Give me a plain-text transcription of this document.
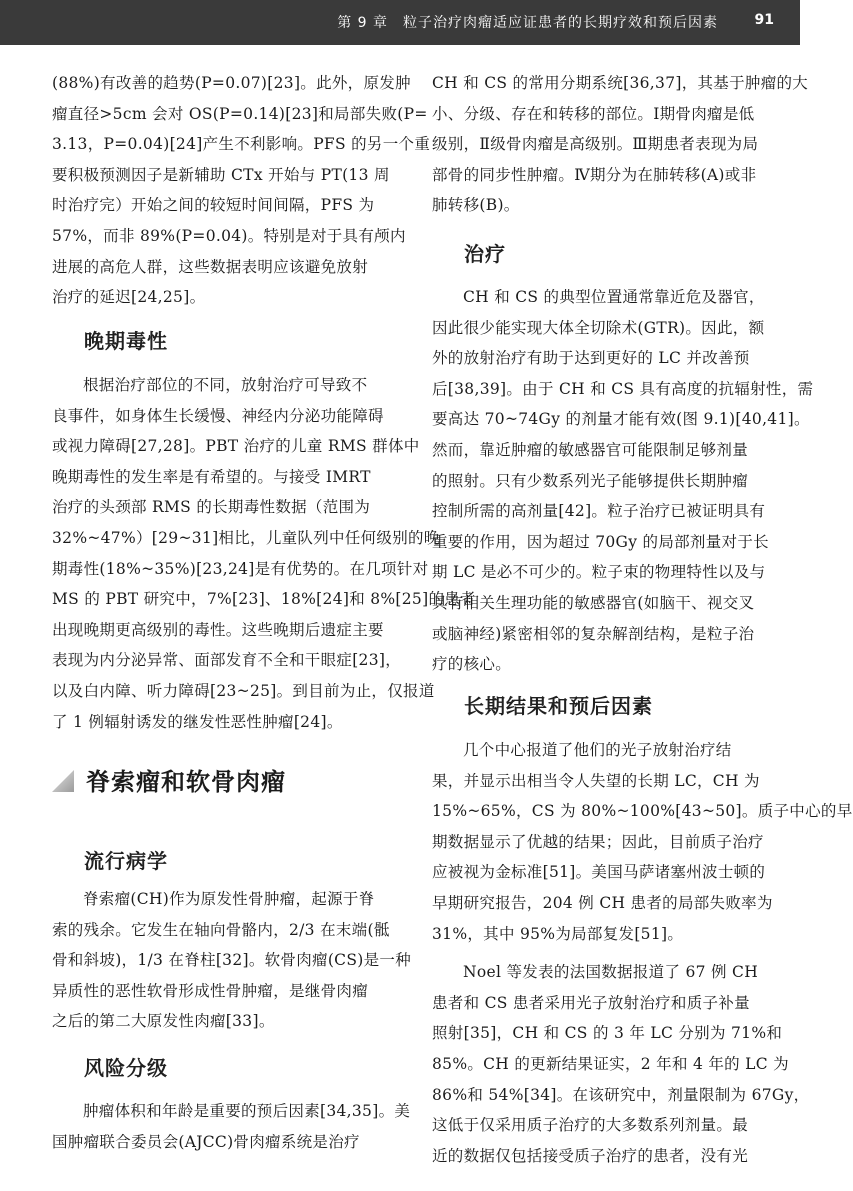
第 9 章　粒子治疗肉瘤适应证患者的长期疗效和预后因素	91
(88%)有改善的趋势(P=0.07)[23]。此外，原发肿
瘤直径>5cm 会对 OS(P=0.14)[23]和局部失败(P=
3.13，P=0.04)[24]产生不利影响。PFS 的另一个重
要积极预测因子是新辅助 CTx 开始与 PT(13 周
时治疗完）开始之间的较短时间间隔，PFS 为
57%，而非 89%(P=0.04)。特别是对于具有颅内
进展的高危人群，这些数据表明应该避免放射
治疗的延迟[24,25]。
晚期毒性
根据治疗部位的不同，放射治疗可导致不
良事件，如身体生长缓慢、神经内分泌功能障碍
或视力障碍[27,28]。PBT 治疗的儿童 RMS 群体中
晚期毒性的发生率是有希望的。与接受 IMRT
治疗的头颈部 RMS 的长期毒性数据（范围为
32%~47%）[29~31]相比，儿童队列中任何级别的晚
期毒性(18%~35%)[23,24]是有优势的。在几项针对
MS 的 PBT 研究中，7%[23]、18%[24]和 8%[25]的患者
出现晚期更高级别的毒性。这些晚期后遗症主要
表现为内分泌异常、面部发育不全和干眼症[23]，
以及白内障、听力障碍[23~25]。到目前为止，仅报道
了 1 例辐射诱发的继发性恶性肿瘤[24]。
脊索瘤和软骨肉瘤
流行病学
脊索瘤(CH)作为原发性骨肿瘤，起源于脊
索的残余。它发生在轴向骨骼内，2/3 在末端(骶
骨和斜坡)，1/3 在脊柱[32]。软骨肉瘤(CS)是一种
异质性的恶性软骨形成性骨肿瘤，是继骨肉瘤
之后的第二大原发性肉瘤[33]。
风险分级
肿瘤体积和年龄是重要的预后因素[34,35]。美
国肿瘤联合委员会(AJCC)骨肉瘤系统是治疗
CH 和 CS 的常用分期系统[36,37]，其基于肿瘤的大
小、分级、存在和转移的部位。Ⅰ期骨肉瘤是低
级别，Ⅱ级骨肉瘤是高级别。Ⅲ期患者表现为局
部骨的同步性肿瘤。Ⅳ期分为在肺转移(A)或非
肺转移(B)。
治疗
CH 和 CS 的典型位置通常靠近危及器官，
因此很少能实现大体全切除术(GTR)。因此，额
外的放射治疗有助于达到更好的 LC 并改善预
后[38,39]。由于 CH 和 CS 具有高度的抗辐射性，需
要高达 70~74Gy 的剂量才能有效(图 9.1)[40,41]。
然而，靠近肿瘤的敏感器官可能限制足够剂量
的照射。只有少数系列光子能够提供长期肿瘤
控制所需的高剂量[42]。粒子治疗已被证明具有
重要的作用，因为超过 70Gy 的局部剂量对于长
期 LC 是必不可少的。粒子束的物理特性以及与
具有相关生理功能的敏感器官(如脑干、视交叉
或脑神经)紧密相邻的复杂解剖结构，是粒子治
疗的核心。
长期结果和预后因素
几个中心报道了他们的光子放射治疗结
果，并显示出相当令人失望的长期 LC，CH 为
15%~65%，CS 为 80%~100%[43~50]。质子中心的早
期数据显示了优越的结果；因此，目前质子治疗
应被视为金标准[51]。美国马萨诸塞州波士顿的
早期研究报告，204 例 CH 患者的局部失败率为
31%，其中 95%为局部复发[51]。
Noel 等发表的法国数据报道了 67 例 CH
患者和 CS 患者采用光子放射治疗和质子补量
照射[35]，CH 和 CS 的 3 年 LC 分别为 71%和
85%。CH 的更新结果证实，2 年和 4 年的 LC 为
86%和 54%[34]。在该研究中，剂量限制为 67Gy，
这低于仅采用质子治疗的大多数系列剂量。最
近的数据仅包括接受质子治疗的患者，没有光
